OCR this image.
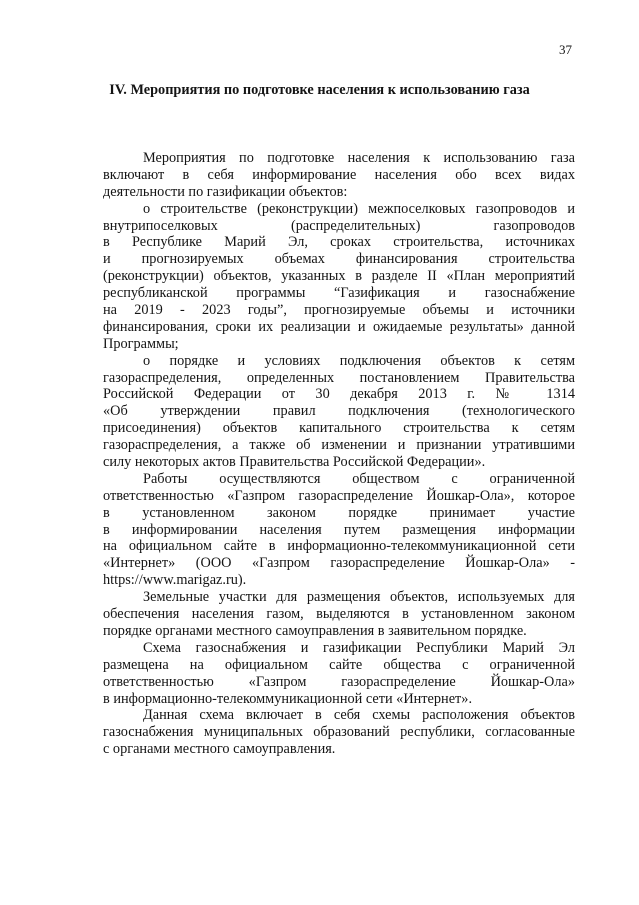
37
IV. Мероприятия по подготовке населения к использованию газа
Мероприятия по подготовке населения к использованию газа
включают в себя информирование населения обо всех видах
деятельности по газификации объектов:
о строительстве (реконструкции) межпоселковых газопроводов и
внутрипоселковых (распределительных) газопроводов
в Республике Марий Эл, сроках строительства, источниках
и прогнозируемых объемах финансирования строительства
(реконструкции) объектов, указанных в разделе II «План мероприятий
республиканской программы “Газификация и газоснабжение
на 2019 - 2023 годы”, прогнозируемые объемы и источники
финансирования, сроки их реализации и ожидаемые результаты» данной
Программы;
о порядке и условиях подключения объектов к сетям
газораспределения, определенных постановлением Правительства
Российской Федерации от 30 декабря 2013 г. № 1314
«Об утверждении правил подключения (технологического
присоединения) объектов капитального строительства к сетям
газораспределения, а также об изменении и признании утратившими
силу некоторых актов Правительства Российской Федерации».
Работы осуществляются обществом с ограниченной
ответственностью «Газпром газораспределение Йошкар-Ола», которое
в установленном законом порядке принимает участие
в информировании населения путем размещения информации
на официальном сайте в информационно-телекоммуникационной сети
«Интернет» (ООО «Газпром газораспределение Йошкар-Ола» -
https://www.marigaz.ru).
Земельные участки для размещения объектов, используемых для
обеспечения населения газом, выделяются в установленном законом
порядке органами местного самоуправления в заявительном порядке.
Схема газоснабжения и газификации Республики Марий Эл
размещена на официальном сайте общества с ограниченной
ответственностью «Газпром газораспределение Йошкар-Ола»
в информационно-телекоммуникационной сети «Интернет».
Данная схема включает в себя схемы расположения объектов
газоснабжения муниципальных образований республики, согласованные
с органами местного самоуправления.
